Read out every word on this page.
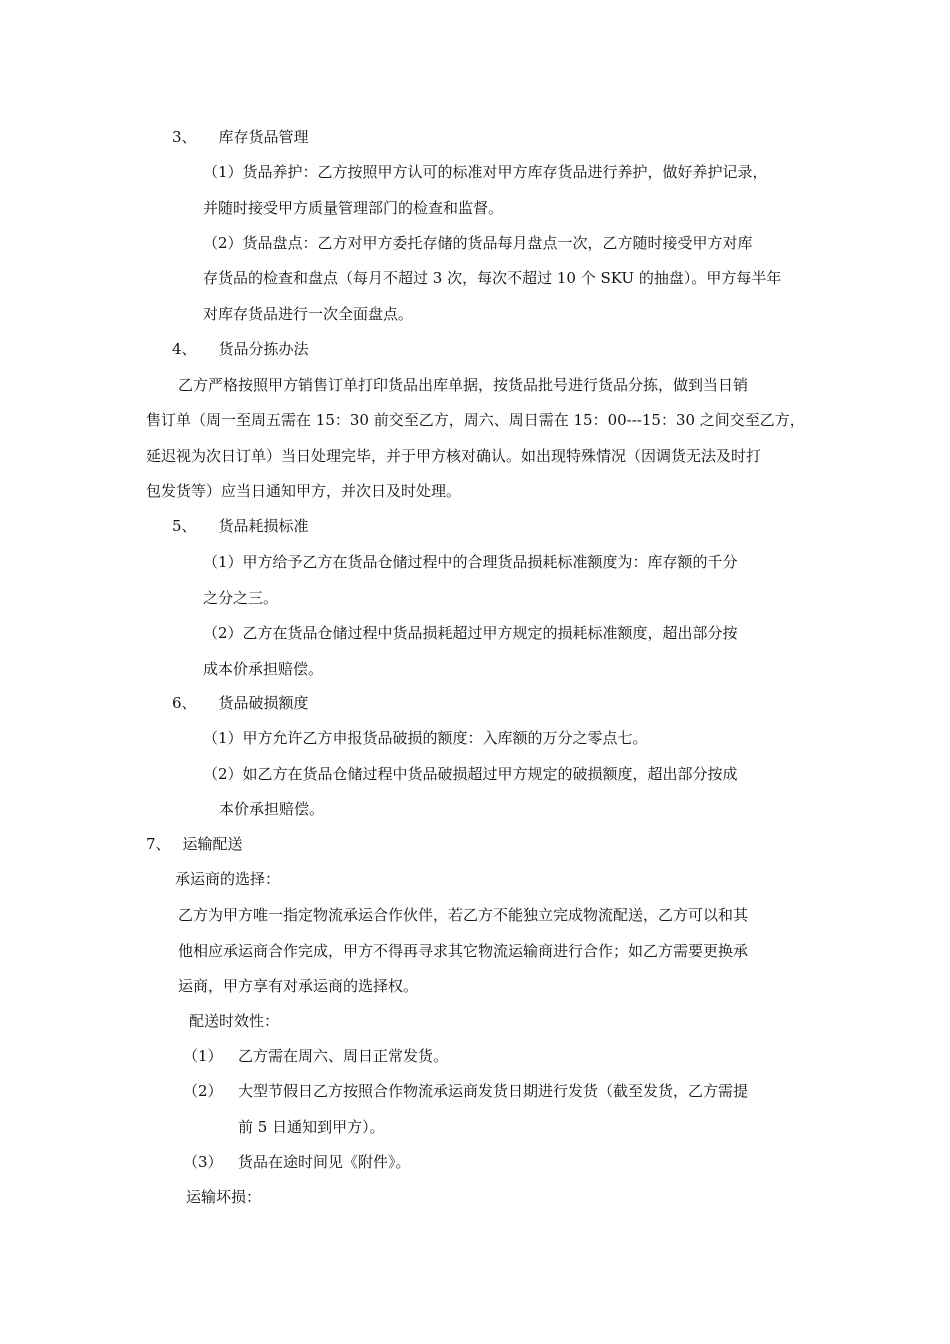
3、 库存货品管理
（1）货品养护：乙方按照甲方认可的标准对甲方库存货品进行养护，做好养护记录，
并随时接受甲方质量管理部门的检查和监督。
（2）货品盘点：乙方对甲方委托存储的货品每月盘点一次，乙方随时接受甲方对库
存货品的检查和盘点（每月不超过 3 次，每次不超过 10 个 SKU 的抽盘）。甲方每半年
对库存货品进行一次全面盘点。
4、 货品分拣办法
乙方严格按照甲方销售订单打印货品出库单据，按货品批号进行货品分拣，做到当日销
售订单（周一至周五需在 15：30 前交至乙方，周六、周日需在 15：00---15：30 之间交至乙方，
延迟视为次日订单）当日处理完毕，并于甲方核对确认。如出现特殊情况（因调货无法及时打
包发货等）应当日通知甲方，并次日及时处理。
5、 货品耗损标准
（1）甲方给予乙方在货品仓储过程中的合理货品损耗标准额度为：库存额的千分
之分之三。
（2）乙方在货品仓储过程中货品损耗超过甲方规定的损耗标准额度，超出部分按
成本价承担赔偿。
6、 货品破损额度
（1）甲方允许乙方申报货品破损的额度：入库额的万分之零点七。
（2）如乙方在货品仓储过程中货品破损超过甲方规定的破损额度，超出部分按成
本价承担赔偿。
7、 运输配送
承运商的选择：
乙方为甲方唯一指定物流承运合作伙伴，若乙方不能独立完成物流配送，乙方可以和其
他相应承运商合作完成，甲方不得再寻求其它物流运输商进行合作；如乙方需要更换承
运商，甲方享有对承运商的选择权。
配送时效性：
（1） 乙方需在周六、周日正常发货。
（2） 大型节假日乙方按照合作物流承运商发货日期进行发货（截至发货，乙方需提
前 5 日通知到甲方）。
（3） 货品在途时间见《附件》。
运输坏损：
